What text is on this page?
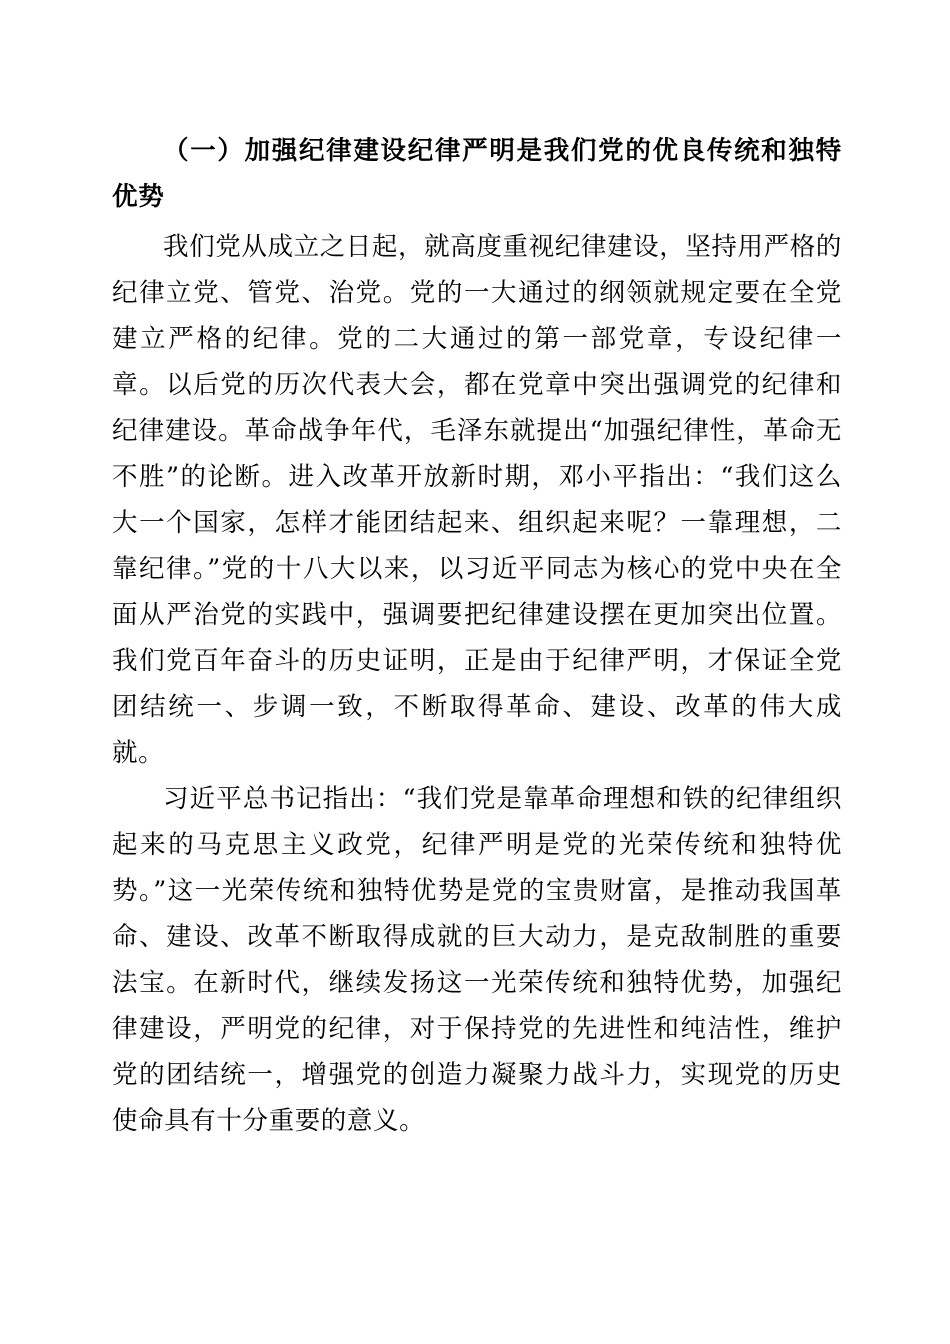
（一）加强纪律建设纪律严明是我们党的优良传统和独特优势

我们党从成立之日起，就高度重视纪律建设，坚持用严格的纪律立党、管党、治党。党的一大通过的纲领就规定要在全党建立严格的纪律。党的二大通过的第一部党章，专设纪律一章。以后党的历次代表大会，都在党章中突出强调党的纪律和纪律建设。革命战争年代，毛泽东就提出“加强纪律性，革命无不胜”的论断。进入改革开放新时期，邓小平指出：“我们这么大一个国家，怎样才能团结起来、组织起来呢？一靠理想，二靠纪律。”党的十八大以来，以习近平同志为核心的党中央在全面从严治党的实践中，强调要把纪律建设摆在更加突出位置。我们党百年奋斗的历史证明，正是由于纪律严明，才保证全党团结统一、步调一致，不断取得革命、建设、改革的伟大成就。

习近平总书记指出：“我们党是靠革命理想和铁的纪律组织起来的马克思主义政党，纪律严明是党的光荣传统和独特优势。”这一光荣传统和独特优势是党的宝贵财富，是推动我国革命、建设、改革不断取得成就的巨大动力，是克敌制胜的重要法宝。在新时代，继续发扬这一光荣传统和独特优势，加强纪律建设，严明党的纪律，对于保持党的先进性和纯洁性，维护党的团结统一，增强党的创造力凝聚力战斗力，实现党的历史使命具有十分重要的意义。
